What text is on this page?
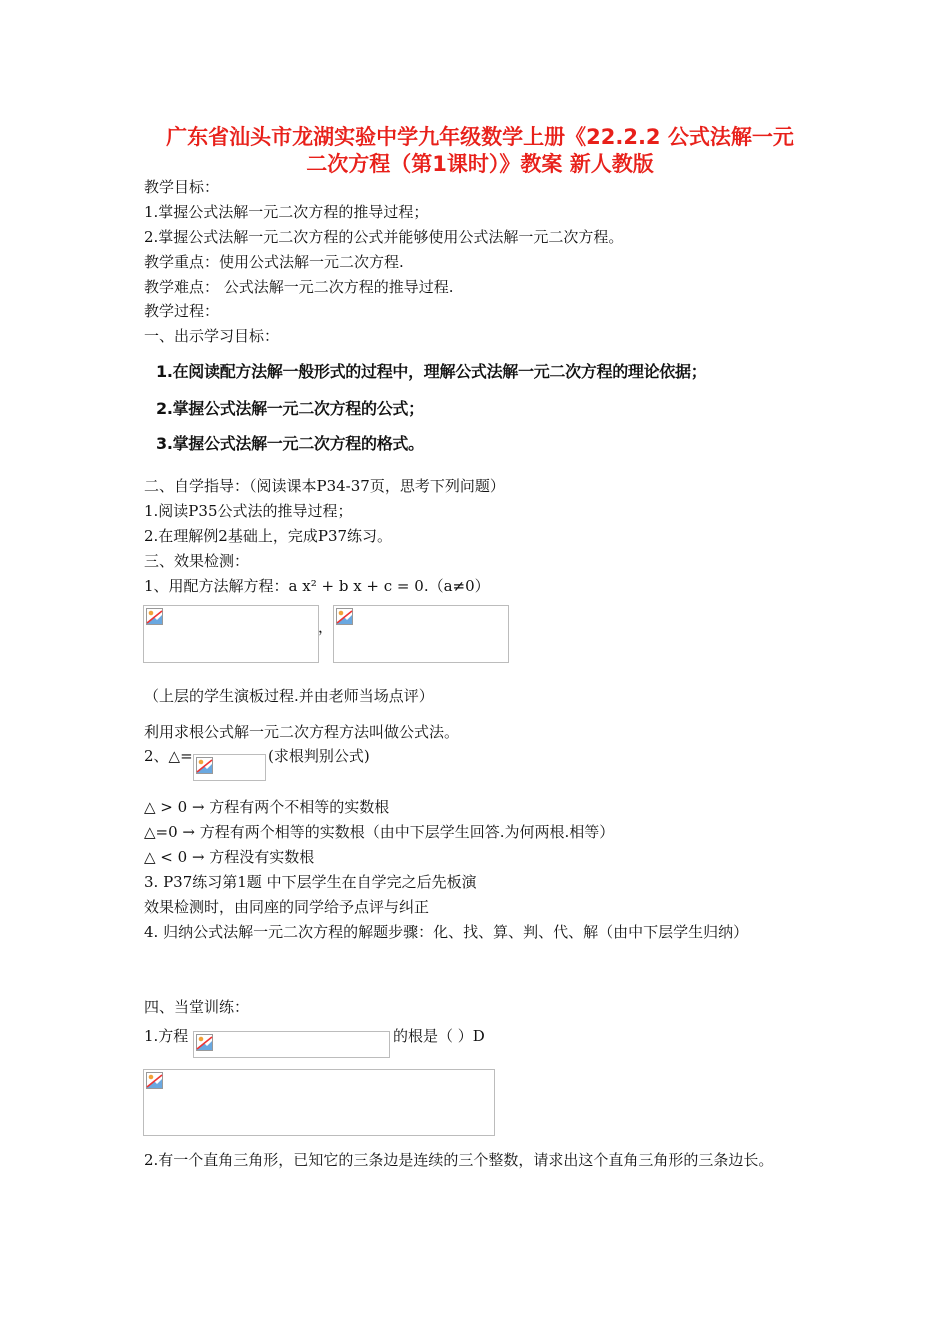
广东省汕头市龙湖实验中学九年级数学上册《22.2.2 公式法解一元
二次方程（第1课时）》教案 新人教版
教学目标：
1.掌握公式法解一元二次方程的推导过程；
2.掌握公式法解一元二次方程的公式并能够使用公式法解一元二次方程。
教学重点：使用公式法解一元二次方程.
教学难点： 公式法解一元二次方程的推导过程.
教学过程：
一、出示学习目标：
1.在阅读配方法解一般形式的过程中，理解公式法解一元二次方程的理论依据；
2.掌握公式法解一元二次方程的公式；
3.掌握公式法解一元二次方程的格式。
二、自学指导：（阅读课本P34-37页，思考下列问题）
1.阅读P35公式法的推导过程；
2.在理解例2基础上，完成P37练习。
三、效果检测：
1、用配方法解方程：a x² + b x + c = 0.（a≠0）
，
（上层的学生演板过程.并由老师当场点评）
利用求根公式解一元二次方程方法叫做公式法。
2、△=	(求根判别公式)
△ > 0 → 方程有两个不相等的实数根
△=0 → 方程有两个相等的实数根（由中下层学生回答.为何两根.相等）
△ < 0 → 方程没有实数根
3. P37练习第1题 中下层学生在自学完之后先板演
效果检测时，由同座的同学给予点评与纠正
4. 归纳公式法解一元二次方程的解题步骤：化、找、算、判、代、解（由中下层学生归纳）
四、当堂训练：
1.方程	的根是（ ）D
2.有一个直角三角形，已知它的三条边是连续的三个整数，请求出这个直角三角形的三条边长。
